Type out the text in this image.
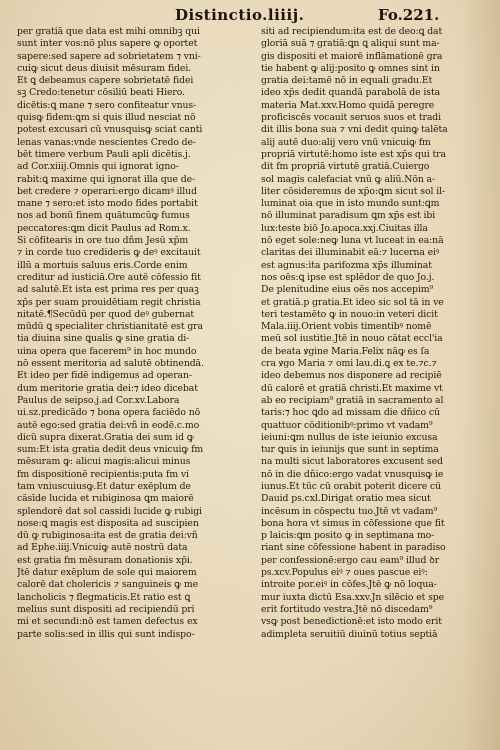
Distinctio.liiij.	Fo.221.
per gratiā que data est mihi omnibꝫ qui
sunt inter vos:nō plus sapere ꝙ oportet
sapere:sed sapere ad sobrietatem ⁊ vni-
cuiꝙ sicut deus diuisit mēsuram fidei.
Et ꝗ debeamus capere sobrietatē fidei
sꝫ Credo:tenetur cōsiliū beati Hiero.
dicētis:ꝗ mane ⁊ sero confiteatur vnus-
quisꝙ fidem:ꝗm si quis illud nesciat nō
potest excusari cū vnusquisꝙ sciat canti
lenas vanas:vnde nescientes Credo de-
bēt timere verbum Pauli apl̄i dicētis.j.
ad Cor.xiiij.Omnis qui ignorat igno-
rabit:ꝗ maxime qui ignorat illa que de-
bet credere ⁊ operari:ergo dicamꝰ illud
mane ⁊ sero:et isto modo fides portabit
nos ad bonū finem quātumcūꝙ fumus
peccatores:ꝗm dicit Paulus ad Rom.x.
Si cōfitearis in ore tuo dñm Jesū xp̄m
⁊ in corde tuo credideris ꝙ deꝰ excitauit
illū a mortuis saluus eris.Corde enim
creditur ad iusticiā.Ore autē cōfessio fit
ad salutē.Et ista est prima res per quaꝫ
xp̄s per suam prouidētiam regit christia
nitatē.¶Secūdū per quod deꝰ gubernat
mūdū ꝗ specialiter christianitatē est gra
tia diuina sine ꝗualis ꝙ sine gratia di-
uina opera que facerem⁹ in hoc mundo
nō essent meritoria ad salutē obtinendā.
Et ideo per fidē indigemus ad operan-
dum meritorie gratia dei:⁊ ideo dicebat
Paulus de seipso.j.ad Cor.xv.Labora
ui.sz.predicādo ⁊ bona opera faciēdo nō
autē ego:sed gratia dei:vñ in eodē.c.mo
dicū supra dixerat.Gratia dei sum id ꝙ
sum:Et ista gratia dedit deus vnicuiꝙ fm
mēsuram ꝙ: alicui magis:alicui minus
fm dispositionē recipientis:puta fm vi
tam vniuscuiusꝙ.Et datur exēplum de
cāsīde lucida et rubiginosa ꝗm maiorē
splendorē dat sol cassidi lucide ꝙ rubigi
nose:ꝗ magis est disposita ad suscipien
dū ꝙ rubiginosa:ita est de gratia dei:vñ
ad Ephe.iiij.Vnicuiꝙ autē nostrū data
est gratia fm mēsuram donationis xp̄i.
Jtē datur exēplum de sole qui maiorem
calorē dat cholericis ⁊ sanguineis ꝙ me
lancholicis ⁊ flegmaticis.Et ratio est ꝗ
melius sunt dispositi ad recipiendū pri
mi et secundi:nō est tamen defectus ex
parte solis:sed in illis qui sunt indispo-
siti ad recipiendum:ita est de deo:ꝗ dat
gloriā suā ⁊ gratiā:ꝗn ꝗ aliqui sunt ma-
gis dispositi et maiorē inflāmationē gra
tie habent ꝙ alij:posito ꝙ omnes sint in
gratia dei:tamē nō in equali gradu.Et
ideo xp̄s dedit quandā parabolā de ista
materia Mat.xxv.Homo quidā peregre
proficiscēs vocauit seruos suos et tradi
dit illis bona sua ⁊ vni dedit quinꝙ talēta
alij autē duo:alij vero vnū vnicuiꝙ fm
propriā virtutē:homo iste est xp̄s qui tra
dit fm propriā virtutē gratiā.Cuiergo
sol magis calefaciat vnū ꝙ aliū.Nōn a-
liter cōsideremus de xp̄o:ꝗm sicut sol il-
luminat oia que in isto mundo sunt:ꝗm
nō illuminat paradisum ꝗm xp̄s est ibi
lux:teste biō Jo.apoca.xxj.Ciuitas illa
nō eget sole:neꝙ luna vt luceat in ea:nā
claritas dei illuminabit eā:⁊ lucerna eiꝰ
est agnus:ita parifozma xp̄s illuminat
nos oēs:ꝗ ipse est splēdor de quo Jo.j.
De plenitudine eius oēs nos accepim⁹
et gratiā.p gratia.Et ideo sic sol tā in ve
teri testamēto ꝙ in nouo:in veteri dicit
Mala.iiij.Orient vobis timentibꝰ nomē
meū sol iustitie.Jtē in nouo cātat eccl'ia
de beata ꝟgine Maria.Felix nāꝙ es ſa
cra ꝟgo Maria ⁊ omi lau.di.ꝗ ex te.⁊c.⁊
ideo debemus nos disponere ad recipiē
dū calorē et gratiā christi.Et maxime vt
ab eo recipiam⁹ gratiā in sacramento al
taris:⁊ hoc ꝗdo ad missam die dñico cū
quattuor cōditionibꝰ:primo vt vadam⁹
ieiuni:ꝗm nullus de iste ieiunio excusa
tur ꝗuis in ieiunijs que sunt in septima
na multi sicut laboratores excusent sed
nō in die dñico:ergo vadat vnusquisꝙ ie
iunus.Et tūc cū orabit poterit dicere cū
Dauid ps.cxl.Dirigat oratio mea sicut
incēsum in cōspectu tuo.Jtē vt vadam⁹
bona hora vt simus in cōfessione que fit
p laicis:ꝗm posito ꝙ in septimana mo-
riant sine cōfessione habent in paradiso
per confessionē:ergo cau eam⁹ illud ꝺr
ps.xcv.Populus eiꝰ ⁊ oues pascue eiꝰ:
introite por.eiꝰ in cōfes.Jtē ꝙ nō loqua-
mur iuxta dictū Esa.xxv.Jn silēcio et spe
erit fortitudo vestra.Jtē nō discedam⁹
vsꝙ post benedictionē:et isto modo erit
adimpleta seruitiū diuinū totius septiā
